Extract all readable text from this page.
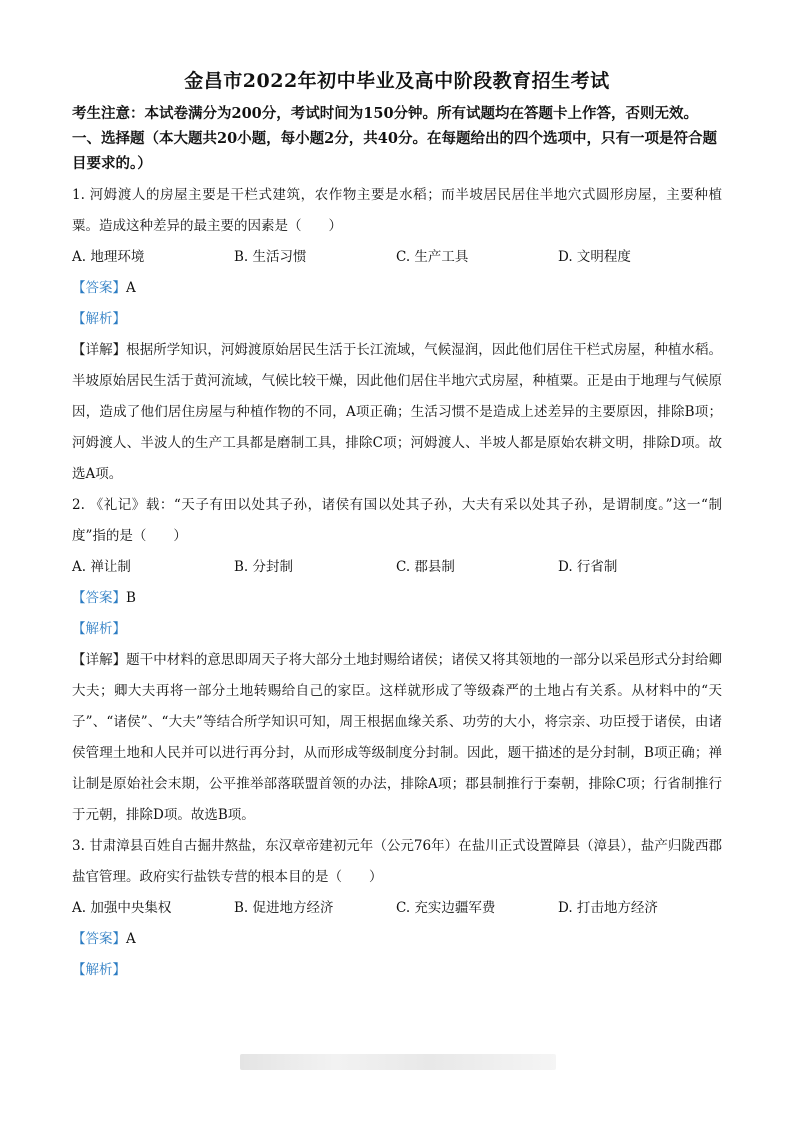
金昌市2022年初中毕业及高中阶段教育招生考试

考生注意：本试卷满分为200分，考试时间为150分钟。所有试题均在答题卡上作答，否则无效。

一、选择题（本大题共20小题，每小题2分，共40分。在每题给出的四个选项中，只有一项是符合题目要求的。）

1. 河姆渡人的房屋主要是干栏式建筑，农作物主要是水稻；而半坡居民居住半地穴式圆形房屋，主要种植粟。造成这种差异的最主要的因素是（　　）

A. 地理环境	B. 生活习惯	C. 生产工具	D. 文明程度

【答案】A

【解析】

【详解】根据所学知识，河姆渡原始居民生活于长江流域，气候湿润，因此他们居住干栏式房屋，种植水稻。半坡原始居民生活于黄河流域，气候比较干燥，因此他们居住半地穴式房屋，种植粟。正是由于地理与气候原因，造成了他们居住房屋与种植作物的不同，A项正确；生活习惯不是造成上述差异的主要原因，排除B项；河姆渡人、半波人的生产工具都是磨制工具，排除C项；河姆渡人、半坡人都是原始农耕文明，排除D项。故选A项。

2. 《礼记》载：“天子有田以处其子孙，诸侯有国以处其子孙，大夫有采以处其子孙，是谓制度。”这一“制度”指的是（　　）

A. 禅让制	B. 分封制	C. 郡县制	D. 行省制

【答案】B

【解析】

【详解】题干中材料的意思即周天子将大部分土地封赐给诸侯；诸侯又将其领地的一部分以采邑形式分封给卿大夫；卿大夫再将一部分土地转赐给自己的家臣。这样就形成了等级森严的土地占有关系。从材料中的“天子”、“诸侯”、“大夫”等结合所学知识可知，周王根据血缘关系、功劳的大小，将宗亲、功臣授于诸侯，由诸侯管理土地和人民并可以进行再分封，从而形成等级制度分封制。因此，题干描述的是分封制，B项正确；禅让制是原始社会末期，公平推举部落联盟首领的办法，排除A项；郡县制推行于秦朝，排除C项；行省制推行于元朝，排除D项。故选B项。

3. 甘肃漳县百姓自古掘井熬盐，东汉章帝建初元年（公元76年）在盐川正式设置障县（漳县），盐产归陇西郡盐官管理。政府实行盐铁专营的根本目的是（　　）

A. 加强中央集权	B. 促进地方经济	C. 充实边疆军费	D. 打击地方经济

【答案】A

【解析】
